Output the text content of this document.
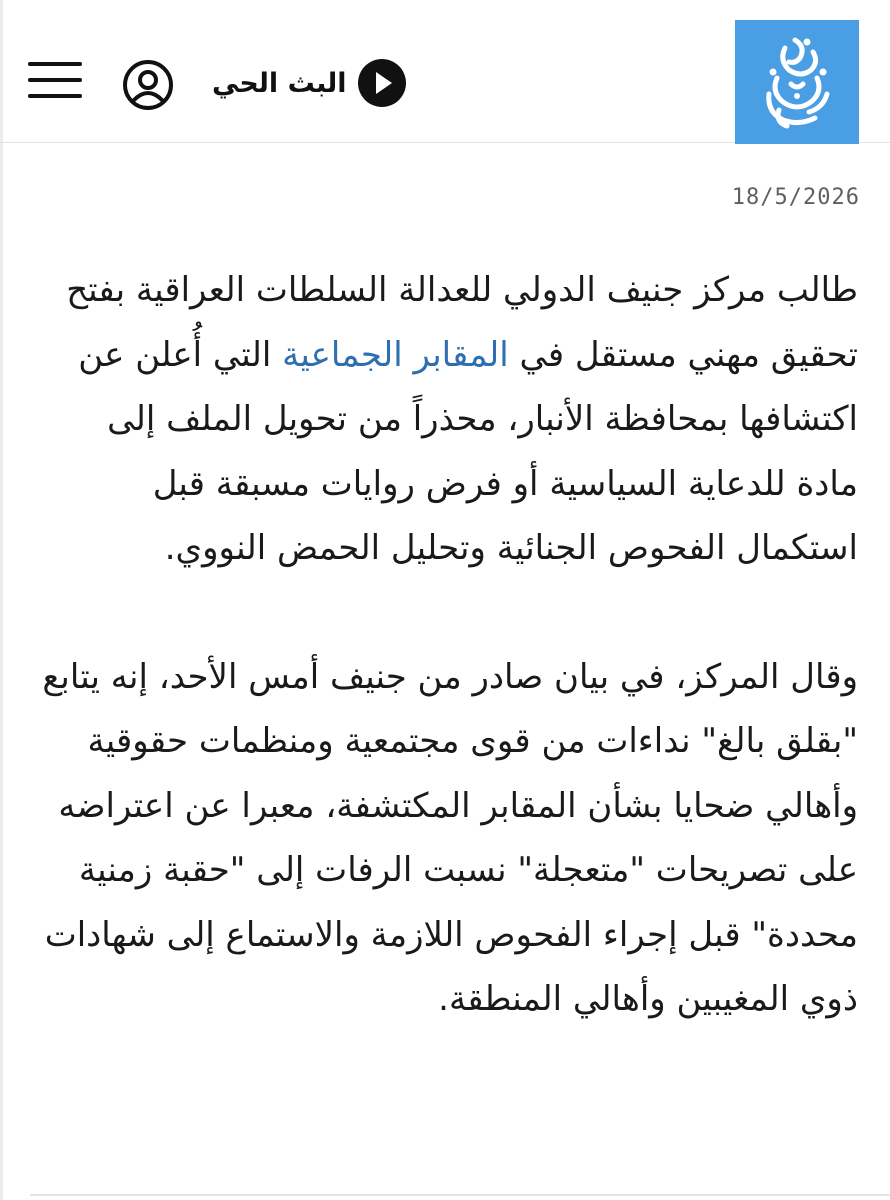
البث الحي
18/5/2026

طالب مركز جنيف الدولي للعدالة السلطات العراقية بفتح تحقيق مهني مستقل في المقابر الجماعية التي أُعلن عن اكتشافها بمحافظة الأنبار، محذراً من تحويل الملف إلى مادة للدعاية السياسية أو فرض روايات مسبقة قبل استكمال الفحوص الجنائية وتحليل الحمض النووي.

وقال المركز، في بيان صادر من جنيف أمس الأحد، إنه يتابع "بقلق بالغ" نداءات من قوى مجتمعية ومنظمات حقوقية وأهالي ضحايا بشأن المقابر المكتشفة، معبرا عن اعتراضه على تصريحات "متعجلة" نسبت الرفات إلى "حقبة زمنية محددة" قبل إجراء الفحوص اللازمة والاستماع إلى شهادات ذوي المغيبين وأهالي المنطقة.
